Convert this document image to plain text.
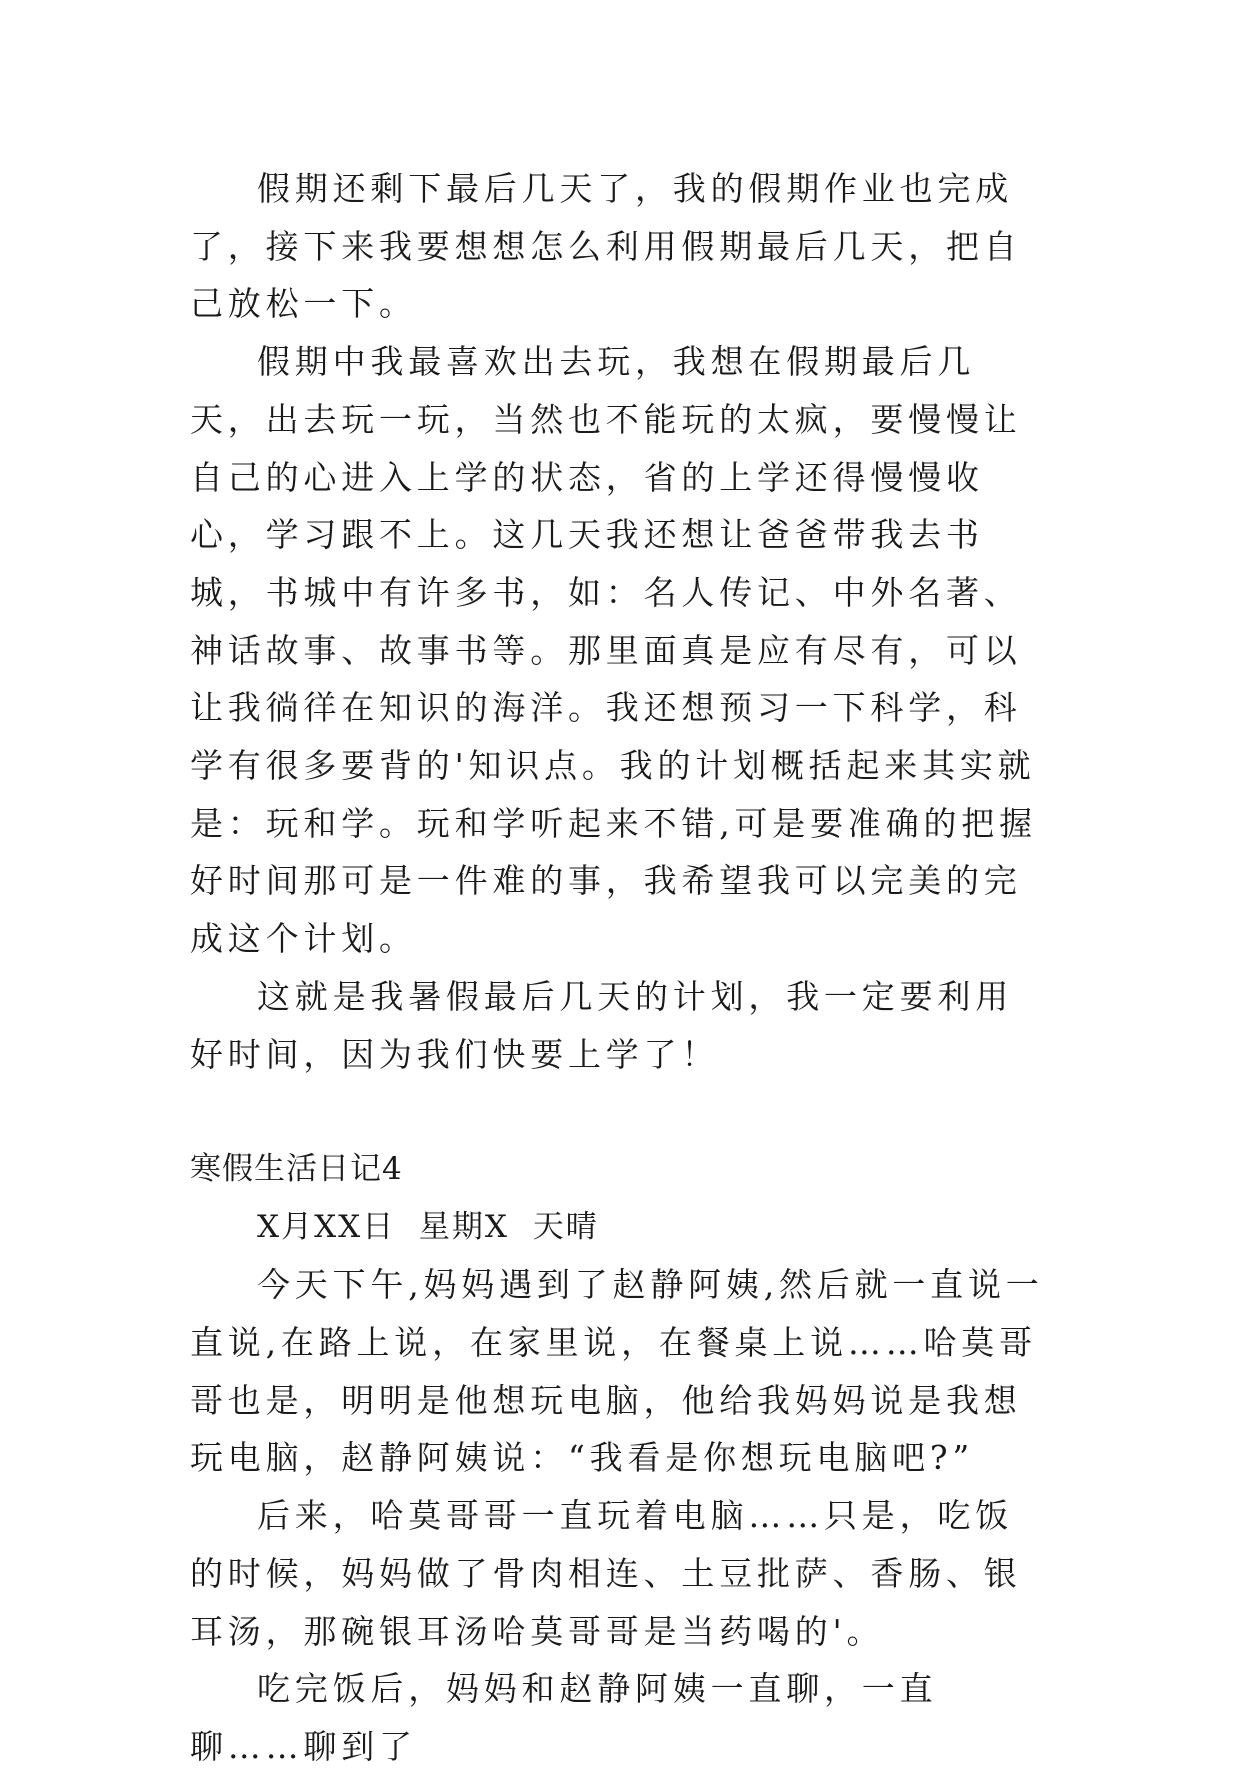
假期还剩下最后几天了，我的假期作业也完成了，接下来我要想想怎么利用假期最后几天，把自己放松一下。

假期中我最喜欢出去玩，我想在假期最后几天，出去玩一玩，当然也不能玩的太疯，要慢慢让自己的心进入上学的状态，省的上学还得慢慢收心，学习跟不上。这几天我还想让爸爸带我去书城，书城中有许多书，如：名人传记、中外名著、神话故事、故事书等。那里面真是应有尽有，可以让我徜徉在知识的海洋。我还想预习一下科学，科学有很多要背的'知识点。我的计划概括起来其实就是：玩和学。玩和学听起来不错,可是要准确的把握好时间那可是一件难的事，我希望我可以完美的完成这个计划。

这就是我暑假最后几天的计划，我一定要利用好时间，因为我们快要上学了！

寒假生活日记4

X月XX日  星期X  天晴

今天下午,妈妈遇到了赵静阿姨,然后就一直说一直说,在路上说，在家里说，在餐桌上说……哈莫哥哥也是，明明是他想玩电脑，他给我妈妈说是我想玩电脑，赵静阿姨说：“我看是你想玩电脑吧?”

后来，哈莫哥哥一直玩着电脑……只是，吃饭的时候，妈妈做了骨肉相连、土豆批萨、香肠、银耳汤，那碗银耳汤哈莫哥哥是当药喝的'。

吃完饭后，妈妈和赵静阿姨一直聊，一直聊……聊到了
